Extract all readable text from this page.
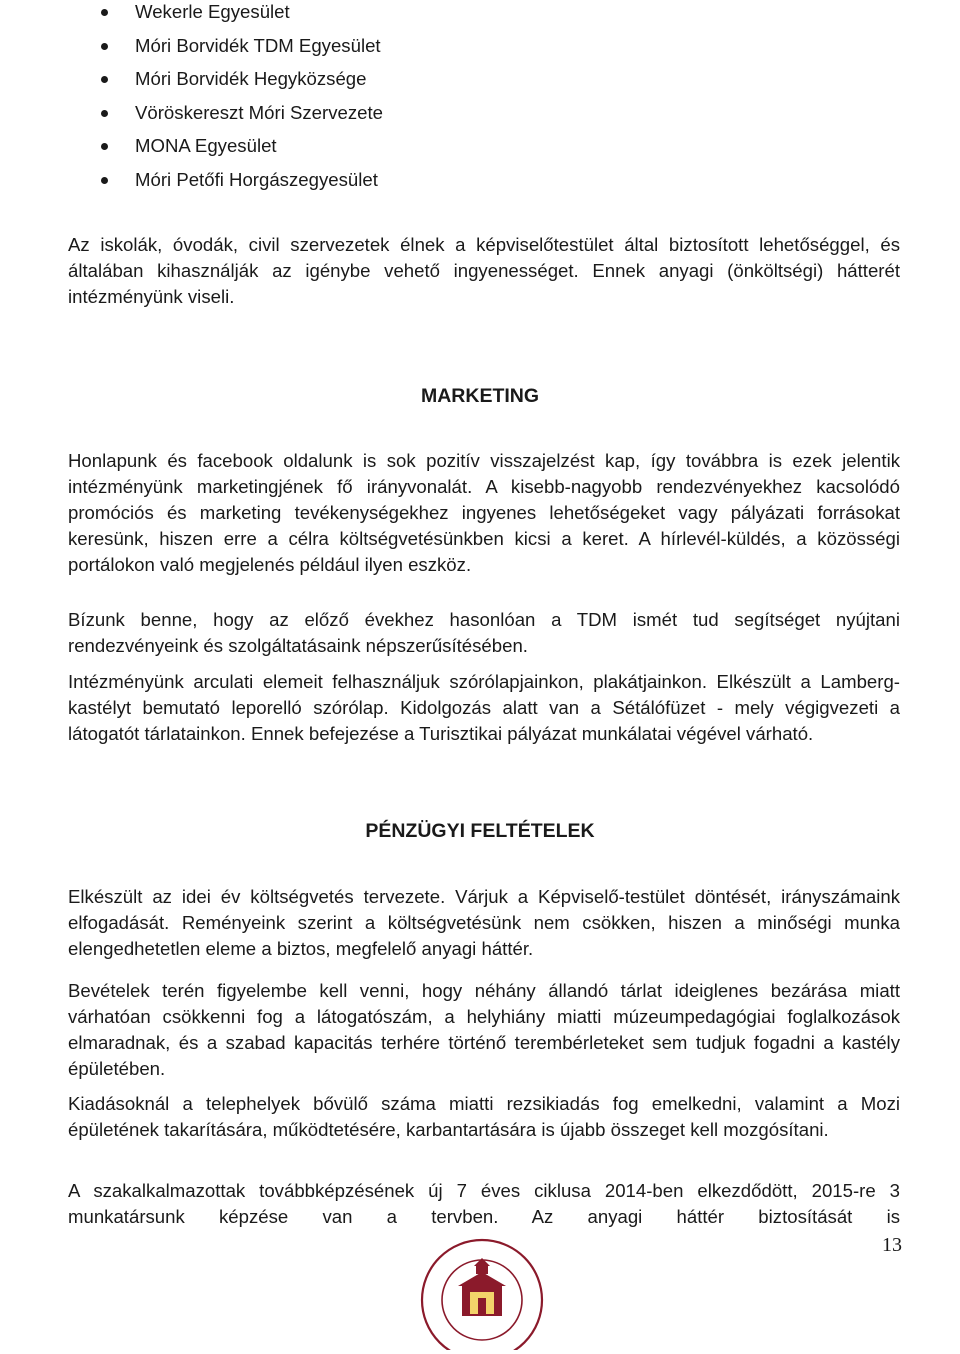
Wekerle Egyesület
Móri Borvidék TDM Egyesület
Móri Borvidék Hegyközsége
Vöröskereszt Móri Szervezete
MONA Egyesület
Móri Petőfi Horgászegyesület

Az iskolák, óvodák, civil szervezetek élnek a képviselőtestület által biztosított lehetőséggel, és általában kihasználják az igénybe vehető ingyenességet. Ennek anyagi (önköltségi) hátterét intézményünk viseli.

MARKETING

Honlapunk és facebook oldalunk is sok pozitív visszajelzést kap, így továbbra is ezek jelentik intézményünk marketingjének fő irányvonalát. A kisebb-nagyobb rendezvényekhez kacsolódó promóciós és marketing tevékenységekhez ingyenes lehetőségeket vagy pályázati forrásokat keresünk, hiszen erre a célra költségvetésünkben kicsi a keret. A hírlevél-küldés, a közösségi portálokon való megjelenés például ilyen eszköz.

Bízunk benne, hogy az előző évekhez hasonlóan a TDM ismét tud segítséget nyújtani rendezvényeink és szolgáltatásaink népszerűsítésében.

Intézményünk arculati elemeit felhasználjuk szórólapjainkon, plakátjainkon. Elkészült a Lamberg-kastélyt bemutató leporelló szórólap. Kidolgozás alatt van a Sétálófüzet - mely végigvezeti a látogatót tárlatainkon. Ennek befejezése a Turisztikai pályázat munkálatai végével várható.

PÉNZÜGYI FELTÉTELEK

Elkészült az idei év költségvetés tervezete. Várjuk a Képviselő-testület döntését, irányszámaink elfogadását. Reményeink szerint a költségvetésünk nem csökken, hiszen a minőségi munka elengedhetetlen eleme a biztos, megfelelő anyagi háttér.

Bevételek terén figyelembe kell venni, hogy néhány állandó tárlat ideiglenes bezárása miatt várhatóan csökkenni fog a látogatószám, a helyhiány miatti múzeumpedagógiai foglalkozások elmaradnak, és a szabad kapacitás terhére történő terembérleteket sem tudjuk fogadni a kastély épületében.

Kiadásoknál a telephelyek bővülő száma miatti rezsikiadás fog emelkedni, valamint a Mozi épületének takarítására, működtetésére, karbantartására is újabb összeget kell mozgósítani.

A szakalkalmazottak továbbképzésének új 7 éves ciklusa 2014-ben elkezdődött, 2015-re 3 munkatársunk képzése van a tervben. Az anyagi háttér biztosítását is

13
